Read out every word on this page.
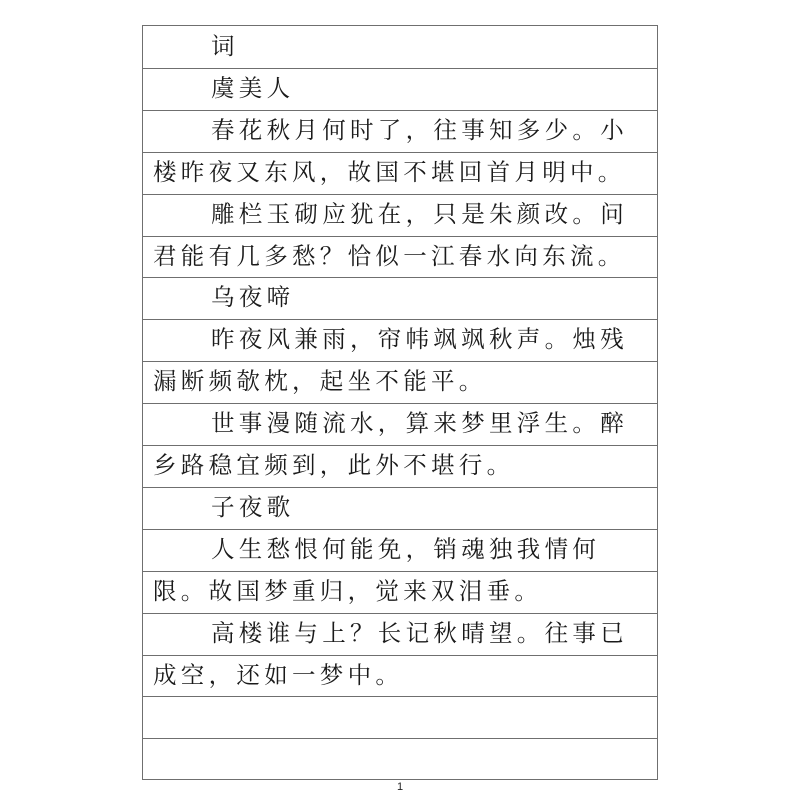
词
虞美人
春花秋月何时了，往事知多少。小
楼昨夜又东风，故国不堪回首月明中。
雕栏玉砌应犹在，只是朱颜改。问
君能有几多愁？恰似一江春水向东流。
乌夜啼
昨夜风兼雨，帘帏飒飒秋声。烛残
漏断频欹枕，起坐不能平。
世事漫随流水，算来梦里浮生。醉
乡路稳宜频到，此外不堪行。
子夜歌
人生愁恨何能免，销魂独我情何
限。故国梦重归，觉来双泪垂。
高楼谁与上？长记秋晴望。往事已
成空，还如一梦中。
1
